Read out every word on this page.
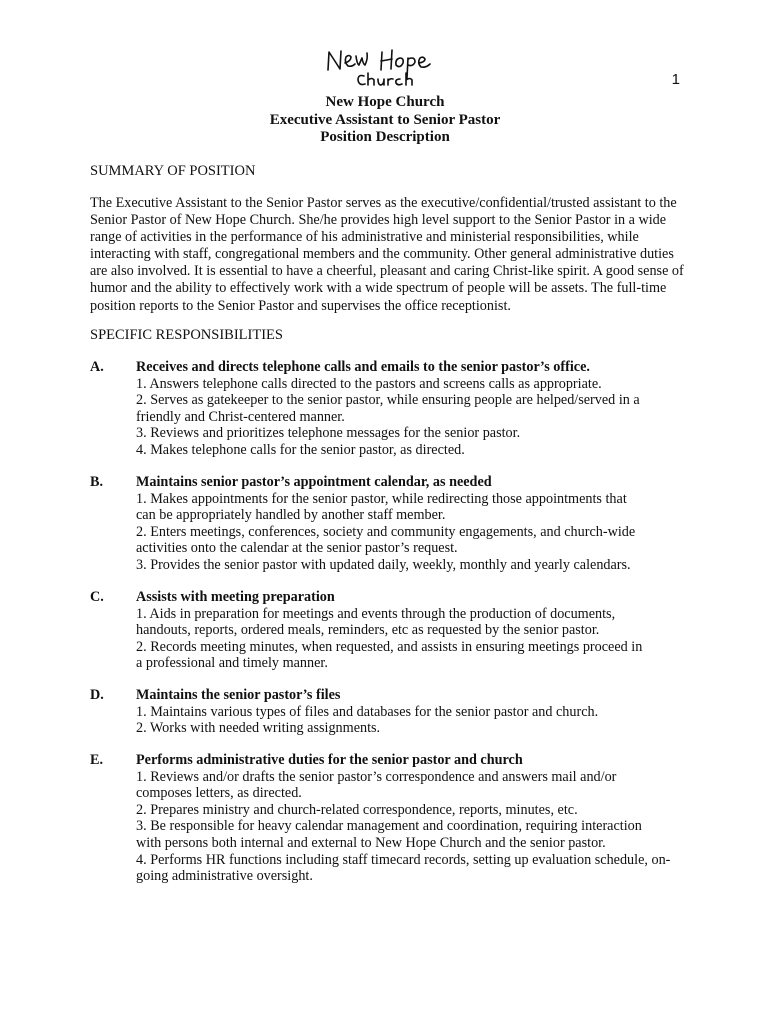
1
New Hope Church
Executive Assistant to Senior Pastor
Position Description
SUMMARY OF POSITION
The Executive Assistant to the Senior Pastor serves as the executive/confidential/trusted assistant to the
Senior Pastor of New Hope Church. She/he provides high level support to the Senior Pastor in a wide
range of activities in the performance of his administrative and ministerial responsibilities, while
interacting with staff, congregational members and the community. Other general administrative duties
are also involved. It is essential to have a cheerful, pleasant and caring Christ-like spirit. A good sense of
humor and the ability to effectively work with a wide spectrum of people will be assets. The full-time
position reports to the Senior Pastor and supervises the office receptionist.
SPECIFIC RESPONSIBILITIES
A. Receives and directs telephone calls and emails to the senior pastor’s office.
1. Answers telephone calls directed to the pastors and screens calls as appropriate.
2. Serves as gatekeeper to the senior pastor, while ensuring people are helped/served in a
friendly and Christ-centered manner.
3. Reviews and prioritizes telephone messages for the senior pastor.
4. Makes telephone calls for the senior pastor, as directed.
B. Maintains senior pastor’s appointment calendar, as needed
1. Makes appointments for the senior pastor, while redirecting those appointments that
can be appropriately handled by another staff member.
2. Enters meetings, conferences, society and community engagements, and church-wide
activities onto the calendar at the senior pastor’s request.
3. Provides the senior pastor with updated daily, weekly, monthly and yearly calendars.
C. Assists with meeting preparation
1. Aids in preparation for meetings and events through the production of documents,
handouts, reports, ordered meals, reminders, etc as requested by the senior pastor.
2. Records meeting minutes, when requested, and assists in ensuring meetings proceed in
a professional and timely manner.
D. Maintains the senior pastor’s files
1. Maintains various types of files and databases for the senior pastor and church.
2. Works with needed writing assignments.
E. Performs administrative duties for the senior pastor and church
1. Reviews and/or drafts the senior pastor’s correspondence and answers mail and/or
composes letters, as directed.
2. Prepares ministry and church-related correspondence, reports, minutes, etc.
3. Be responsible for heavy calendar management and coordination, requiring interaction
with persons both internal and external to New Hope Church and the senior pastor.
4. Performs HR functions including staff timecard records, setting up evaluation schedule, on-
going administrative oversight.
